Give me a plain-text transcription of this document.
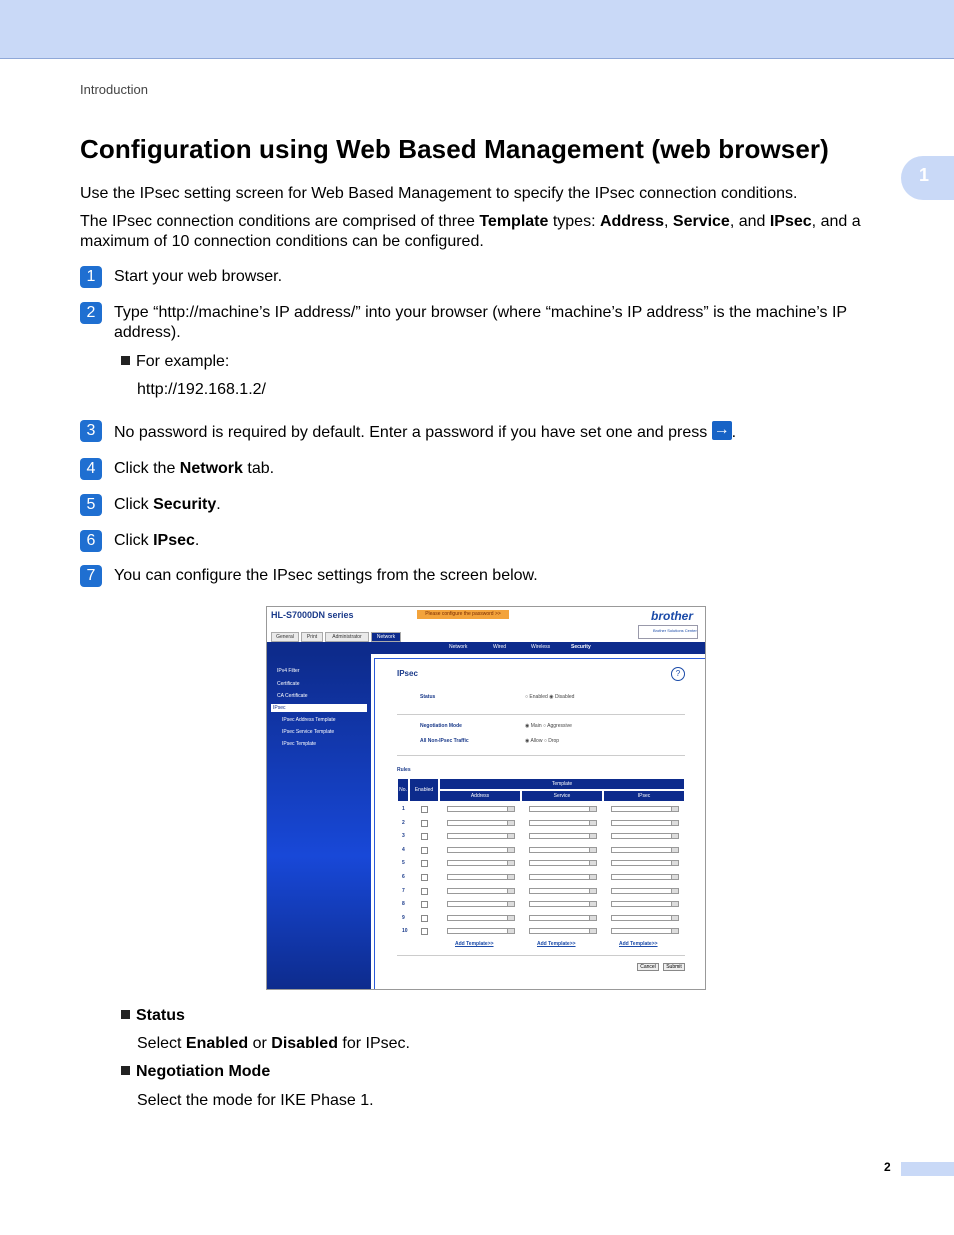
Introduction
1
Configuration using Web Based Management (web browser)
Use the IPsec setting screen for Web Based Management to specify the IPsec connection conditions.
The IPsec connection conditions are comprised of three Template types: Address, Service, and IPsec, and a maximum of 10 connection conditions can be configured.
1	Start your web browser.
2	Type “http://machine’s IP address/” into your browser (where “machine’s IP address” is the machine’s IP address).
For example:
http://192.168.1.2/
3	No password is required by default. Enter a password if you have set one and press → .
4	Click the Network tab.
5	Click Security.
6	Click IPsec.
7	You can configure the IPsec settings from the screen below.
HL-S7000DN series	Please configure the password >>	brother
Brother Solutions Center
General	Print	Administrator	Network
Network	Wired	Wireless	Security
IPv4 Filter
Certificate
CA Certificate
IPsec
IPsec Address Template
IPsec Service Template
IPsec Template
IPsec	?
Status	○ Enabled ◉ Disabled
Negotiation Mode	◉ Main ○ Aggressive
All Non-IPsec Traffic	◉ Allow ○ Drop
Rules
No.	Enabled
Template
Address	Service	IPsec
1
2
3
4
5
6
7
8
9
10
Add Template>>	Add Template>>	Add Template>>
Cancel	Submit
Status
Select Enabled or Disabled for IPsec.
Negotiation Mode
Select the mode for IKE Phase 1.
2
